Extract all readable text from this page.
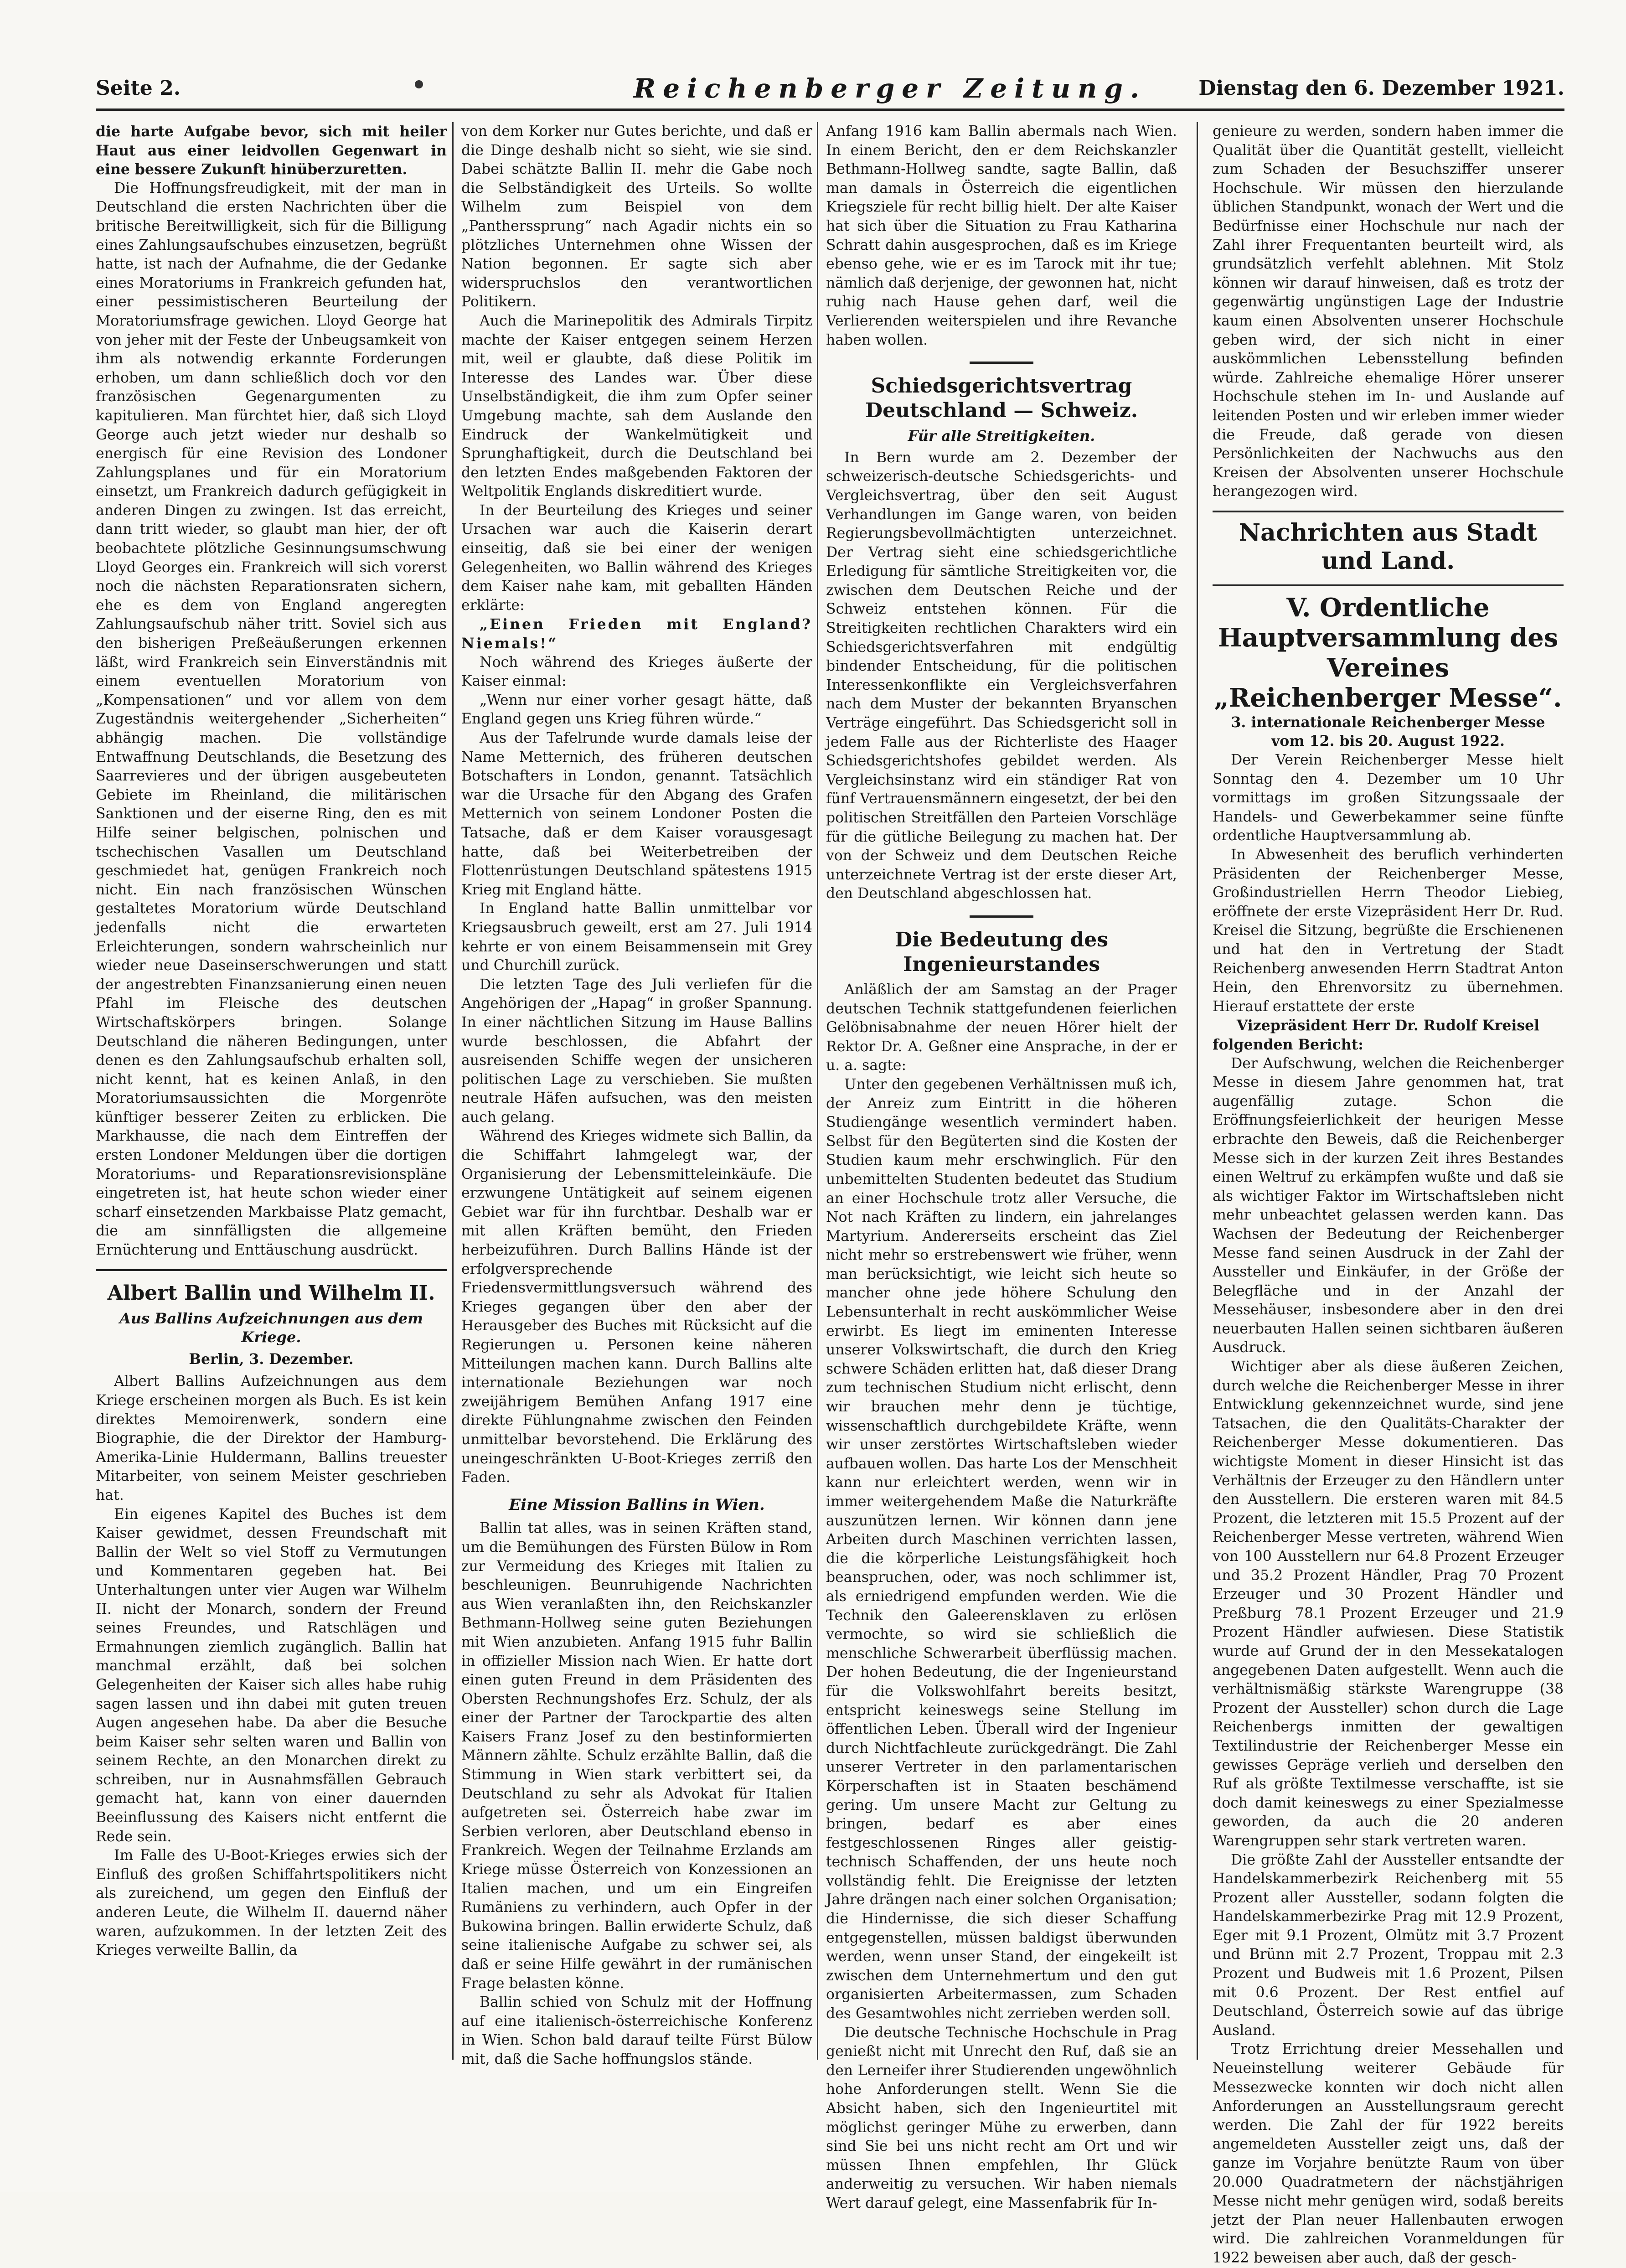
Seite 2.	Reichenberger Zeitung.	Dienstag den 6. Dezember 1921.

die harte Aufgabe bevor, sich mit heiler Haut aus einer leidvollen Gegenwart in eine bessere Zukunft hinüberzuretten.

Die Hoffnungsfreudigkeit, mit der man in Deutschland die ersten Nachrichten über die britische Bereitwilligkeit, sich für die Billigung eines Zahlungsaufschubes einzusetzen, begrüßt hatte, ist nach der Aufnahme, die der Gedanke eines Moratoriums in Frankreich gefunden hat, einer pessimistischeren Beurteilung der Moratoriumsfrage gewichen. Lloyd George hat von jeher mit der Feste der Unbeugsamkeit von ihm als notwendig erkannte Forderungen erhoben, um dann schließlich doch vor den französischen Gegenargumenten zu kapitulieren. Man fürchtet hier, daß sich Lloyd George auch jetzt wieder nur deshalb so energisch für eine Revision des Londoner Zahlungsplanes und für ein Moratorium einsetzt, um Frankreich dadurch gefügigkeit in anderen Dingen zu zwingen. Ist das erreicht, dann tritt wieder, so glaubt man hier, der oft beobachtete plötzliche Gesinnungsumschwung Lloyd Georges ein. Frankreich will sich vorerst noch die nächsten Reparationsraten sichern, ehe es dem von England angeregten Zahlungsaufschub näher tritt. Soviel sich aus den bisherigen Preßeäußerungen erkennen läßt, wird Frankreich sein Einverständnis mit einem eventuellen Moratorium von „Kompensationen“ und vor allem von dem Zugeständnis weitergehender „Sicherheiten“ abhängig machen. Die vollständige Entwaffnung Deutschlands, die Besetzung des Saarrevieres und der übrigen ausgebeuteten Gebiete im Rheinland, die militärischen Sanktionen und der eiserne Ring, den es mit Hilfe seiner belgischen, polnischen und tschechischen Vasallen um Deutschland geschmiedet hat, genügen Frankreich noch nicht. Ein nach französischen Wünschen gestaltetes Moratorium würde Deutschland jedenfalls nicht die erwarteten Erleichterungen, sondern wahrscheinlich nur wieder neue Daseinserschwerungen und statt der angestrebten Finanzsanierung einen neuen Pfahl im Fleische des deutschen Wirtschaftskörpers bringen. Solange Deutschland die näheren Bedingungen, unter denen es den Zahlungsaufschub erhalten soll, nicht kennt, hat es keinen Anlaß, in den Moratoriumsaussichten die Morgenröte künftiger besserer Zeiten zu erblicken. Die Markhausse, die nach dem Eintreffen der ersten Londoner Meldungen über die dortigen Moratoriums- und Reparationsrevisionspläne eingetreten ist, hat heute schon wieder einer scharf einsetzenden Markbaisse Platz gemacht, die am sinnfälligsten die allgemeine Ernüchterung und Enttäuschung ausdrückt.

Albert Ballin und Wilhelm II.
Aus Ballins Aufzeichnungen aus dem Kriege.
Berlin, 3. Dezember.

Albert Ballins Aufzeichnungen aus dem Kriege erscheinen morgen als Buch. Es ist kein direktes Memoirenwerk, sondern eine Biographie, die der Direktor der Hamburg-Amerika-Linie Huldermann, Ballins treuester Mitarbeiter, von seinem Meister geschrieben hat.

Ein eigenes Kapitel des Buches ist dem Kaiser gewidmet, dessen Freundschaft mit Ballin der Welt so viel Stoff zu Vermutungen und Kommentaren gegeben hat. Bei Unterhaltungen unter vier Augen war Wilhelm II. nicht der Monarch, sondern der Freund seines Freundes, und Ratschlägen und Ermahnungen ziemlich zugänglich. Ballin hat manchmal erzählt, daß bei solchen Gelegenheiten der Kaiser sich alles habe ruhig sagen lassen und ihn dabei mit guten treuen Augen angesehen habe. Da aber die Besuche beim Kaiser sehr selten waren und Ballin von seinem Rechte, an den Monarchen direkt zu schreiben, nur in Ausnahmsfällen Gebrauch gemacht hat, kann von einer dauernden Beeinflussung des Kaisers nicht entfernt die Rede sein.

Im Falle des U-Boot-Krieges erwies sich der Einfluß des großen Schiffahrtspolitikers nicht als zureichend, um gegen den Einfluß der anderen Leute, die Wilhelm II. dauernd näher waren, aufzukommen. In der letzten Zeit des Krieges verweilte Ballin, da

von dem Korker nur Gutes berichte, und daß er die Dinge deshalb nicht so sieht, wie sie sind. Dabei schätzte Ballin II. mehr die Gabe noch die Selbständigkeit des Urteils. So wollte Wilhelm zum Beispiel von dem „Pantherssprung“ nach Agadir nichts ein so plötzliches Unternehmen ohne Wissen der Nation begonnen. Er sagte sich aber widerspruchslos den verantwortlichen Politikern.

Auch die Marinepolitik des Admirals Tirpitz machte der Kaiser entgegen seinem Herzen mit, weil er glaubte, daß diese Politik im Interesse des Landes war. Über diese Unselbständigkeit, die ihm zum Opfer seiner Umgebung machte, sah dem Auslande den Eindruck der Wankelmütigkeit und Sprunghaftigkeit, durch die Deutschland bei den letzten Endes maßgebenden Faktoren der Weltpolitik Englands diskreditiert wurde.

In der Beurteilung des Krieges und seiner Ursachen war auch die Kaiserin derart einseitig, daß sie bei einer der wenigen Gelegenheiten, wo Ballin während des Krieges dem Kaiser nahe kam, mit geballten Händen erklärte:

„Einen Frieden mit England? Niemals!“

Noch während des Krieges äußerte der Kaiser einmal:

„Wenn nur einer vorher gesagt hätte, daß England gegen uns Krieg führen würde.“

Aus der Tafelrunde wurde damals leise der Name Metternich, des früheren deutschen Botschafters in London, genannt. Tatsächlich war die Ursache für den Abgang des Grafen Metternich von seinem Londoner Posten die Tatsache, daß er dem Kaiser vorausgesagt hatte, daß bei Weiterbetreiben der Flottenrüstungen Deutschland spätestens 1915 Krieg mit England hätte.

In England hatte Ballin unmittelbar vor Kriegsausbruch geweilt, erst am 27. Juli 1914 kehrte er von einem Beisammensein mit Grey und Churchill zurück.

Die letzten Tage des Juli verliefen für die Angehörigen der „Hapag“ in großer Spannung. In einer nächtlichen Sitzung im Hause Ballins wurde beschlossen, die Abfahrt der ausreisenden Schiffe wegen der unsicheren politischen Lage zu verschieben. Sie mußten neutrale Häfen aufsuchen, was den meisten auch gelang.

Während des Krieges widmete sich Ballin, da die Schiffahrt lahmgelegt war, der Organisierung der Lebensmitteleinkäufe. Die erzwungene Untätigkeit auf seinem eigenen Gebiet war für ihn furchtbar. Deshalb war er mit allen Kräften bemüht, den Frieden herbeizuführen. Durch Ballins Hände ist der erfolgversprechende Friedensvermittlungsversuch während des Krieges gegangen über den aber der Herausgeber des Buches mit Rücksicht auf die Regierungen u. Personen keine näheren Mitteilungen machen kann. Durch Ballins alte internationale Beziehungen war noch zweijährigem Bemühen Anfang 1917 eine direkte Fühlungnahme zwischen den Feinden unmittelbar bevorstehend. Die Erklärung des uneingeschränkten U-Boot-Krieges zerriß den Faden.

Eine Mission Ballins in Wien.

Ballin tat alles, was in seinen Kräften stand, um die Bemühungen des Fürsten Bülow in Rom zur Vermeidung des Krieges mit Italien zu beschleunigen. Beunruhigende Nachrichten aus Wien veranlaßten ihn, den Reichskanzler Bethmann-Hollweg seine guten Beziehungen mit Wien anzubieten. Anfang 1915 fuhr Ballin in offizieller Mission nach Wien. Er hatte dort einen guten Freund in dem Präsidenten des Obersten Rechnungshofes Erz. Schulz, der als einer der Partner der Tarockpartie des alten Kaisers Franz Josef zu den bestinformierten Männern zählte. Schulz erzählte Ballin, daß die Stimmung in Wien stark verbittert sei, da Deutschland zu sehr als Advokat für Italien aufgetreten sei. Österreich habe zwar im Serbien verloren, aber Deutschland ebenso in Frankreich. Wegen der Teilnahme Erzlands am Kriege müsse Österreich von Konzessionen an Italien machen, und um ein Eingreifen Rumäniens zu verhindern, auch Opfer in der Bukowina bringen. Ballin erwiderte Schulz, daß seine italienische Aufgabe zu schwer sei, als daß er seine Hilfe gewährt in der rumänischen Frage belasten könne.

Ballin schied von Schulz mit der Hoffnung auf eine italienisch-österreichische Konferenz in Wien. Schon bald darauf teilte Fürst Bülow mit, daß die Sache hoffnungslos stände.

Anfang 1916 kam Ballin abermals nach Wien. In einem Bericht, den er dem Reichskanzler Bethmann-Hollweg sandte, sagte Ballin, daß man damals in Österreich die eigentlichen Kriegsziele für recht billig hielt. Der alte Kaiser hat sich über die Situation zu Frau Katharina Schratt dahin ausgesprochen, daß es im Kriege ebenso gehe, wie er es im Tarock mit ihr tue; nämlich daß derjenige, der gewonnen hat, nicht ruhig nach Hause gehen darf, weil die Verlierenden weiterspielen und ihre Revanche haben wollen.

Schiedsgerichtsvertrag Deutschland — Schweiz.
Für alle Streitigkeiten.

In Bern wurde am 2. Dezember der schweizerisch-deutsche Schiedsgerichts- und Vergleichsvertrag, über den seit August Verhandlungen im Gange waren, von beiden Regierungsbevollmächtigten unterzeichnet. Der Vertrag sieht eine schiedsgerichtliche Erledigung für sämtliche Streitigkeiten vor, die zwischen dem Deutschen Reiche und der Schweiz entstehen können. Für die Streitigkeiten rechtlichen Charakters wird ein Schiedsgerichtsverfahren mit endgültig bindender Entscheidung, für die politischen Interessenkonflikte ein Vergleichsverfahren nach dem Muster der bekannten Bryanschen Verträge eingeführt. Das Schiedsgericht soll in jedem Falle aus der Richterliste des Haager Schiedsgerichtshofes gebildet werden. Als Vergleichsinstanz wird ein ständiger Rat von fünf Vertrauensmännern eingesetzt, der bei den politischen Streitfällen den Parteien Vorschläge für die gütliche Beilegung zu machen hat. Der von der Schweiz und dem Deutschen Reiche unterzeichnete Vertrag ist der erste dieser Art, den Deutschland abgeschlossen hat.

Die Bedeutung des Ingenieurstandes

Anläßlich der am Samstag an der Prager deutschen Technik stattgefundenen feierlichen Gelöbnisabnahme der neuen Hörer hielt der Rektor Dr. A. Geßner eine Ansprache, in der er u. a. sagte:

Unter den gegebenen Verhältnissen muß ich, der Anreiz zum Eintritt in die höheren Studiengänge wesentlich vermindert haben. Selbst für den Begüterten sind die Kosten der Studien kaum mehr erschwinglich. Für den unbemittelten Studenten bedeutet das Studium an einer Hochschule trotz aller Versuche, die Not nach Kräften zu lindern, ein jahrelanges Martyrium. Andererseits erscheint das Ziel nicht mehr so erstrebenswert wie früher, wenn man berücksichtigt, wie leicht sich heute so mancher ohne jede höhere Schulung den Lebensunterhalt in recht auskömmlicher Weise erwirbt. Es liegt im eminenten Interesse unserer Volkswirtschaft, die durch den Krieg schwere Schäden erlitten hat, daß dieser Drang zum technischen Studium nicht erlischt, denn wir brauchen mehr denn je tüchtige, wissenschaftlich durchgebildete Kräfte, wenn wir unser zerstörtes Wirtschaftsleben wieder aufbauen wollen. Das harte Los der Menschheit kann nur erleichtert werden, wenn wir in immer weitergehendem Maße die Naturkräfte auszunützen lernen. Wir können dann jene Arbeiten durch Maschinen verrichten lassen, die die körperliche Leistungsfähigkeit hoch beanspruchen, oder, was noch schlimmer ist, als erniedrigend empfunden werden. Wie die Technik den Galeerensklaven zu erlösen vermochte, so wird sie schließlich die menschliche Schwerarbeit überflüssig machen. Der hohen Bedeutung, die der Ingenieurstand für die Volkswohlfahrt bereits besitzt, entspricht keineswegs seine Stellung im öffentlichen Leben. Überall wird der Ingenieur durch Nichtfachleute zurückgedrängt. Die Zahl unserer Vertreter in den parlamentarischen Körperschaften ist in Staaten beschämend gering. Um unsere Macht zur Geltung zu bringen, bedarf es aber eines festgeschlossenen Ringes aller geistig-technisch Schaffenden, der uns heute noch vollständig fehlt. Die Ereignisse der letzten Jahre drängen nach einer solchen Organisation; die Hindernisse, die sich dieser Schaffung entgegenstellen, müssen baldigst überwunden werden, wenn unser Stand, der eingekeilt ist zwischen dem Unternehmertum und den gut organisierten Arbeitermassen, zum Schaden des Gesamtwohles nicht zerrieben werden soll.

Die deutsche Technische Hochschule in Prag genießt nicht mit Unrecht den Ruf, daß sie an den Lerneifer ihrer Studierenden ungewöhnlich hohe Anforderungen stellt. Wenn Sie die Absicht haben, sich den Ingenieurtitel mit möglichst geringer Mühe zu erwerben, dann sind Sie bei uns nicht recht am Ort und wir müssen Ihnen empfehlen, Ihr Glück anderweitig zu versuchen. Wir haben niemals Wert darauf gelegt, eine Massenfabrik für In-

genieure zu werden, sondern haben immer die Qualität über die Quantität gestellt, vielleicht zum Schaden der Besuchsziffer unserer Hochschule. Wir müssen den hierzulande üblichen Standpunkt, wonach der Wert und die Bedürfnisse einer Hochschule nur nach der Zahl ihrer Frequentanten beurteilt wird, als grundsätzlich verfehlt ablehnen. Mit Stolz können wir darauf hinweisen, daß es trotz der gegenwärtig ungünstigen Lage der Industrie kaum einen Absolventen unserer Hochschule geben wird, der sich nicht in einer auskömmlichen Lebensstellung befinden würde. Zahlreiche ehemalige Hörer unserer Hochschule stehen im In- und Auslande auf leitenden Posten und wir erleben immer wieder die Freude, daß gerade von diesen Persönlichkeiten der Nachwuchs aus den Kreisen der Absolventen unserer Hochschule herangezogen wird.

Nachrichten aus Stadt und Land.
V. Ordentliche Hauptversammlung des Vereines „Reichenberger Messe“.
3. internationale Reichenberger Messe vom 12. bis 20. August 1922.

Der Verein Reichenberger Messe hielt Sonntag den 4. Dezember um 10 Uhr vormittags im großen Sitzungssaale der Handels- und Gewerbekammer seine fünfte ordentliche Hauptversammlung ab.

In Abwesenheit des beruflich verhinderten Präsidenten der Reichenberger Messe, Großindustriellen Herrn Theodor Liebieg, eröffnete der erste Vizepräsident Herr Dr. Rud. Kreisel die Sitzung, begrüßte die Erschienenen und hat den in Vertretung der Stadt Reichenberg anwesenden Herrn Stadtrat Anton Hein, den Ehrenvorsitz zu übernehmen. Hierauf erstattete der erste

Vizepräsident Herr Dr. Rudolf Kreisel

folgenden Bericht:

Der Aufschwung, welchen die Reichenberger Messe in diesem Jahre genommen hat, trat augenfällig zutage. Schon die Eröffnungsfeierlichkeit der heurigen Messe erbrachte den Beweis, daß die Reichenberger Messe sich in der kurzen Zeit ihres Bestandes einen Weltruf zu erkämpfen wußte und daß sie als wichtiger Faktor im Wirtschaftsleben nicht mehr unbeachtet gelassen werden kann. Das Wachsen der Bedeutung der Reichenberger Messe fand seinen Ausdruck in der Zahl der Aussteller und Einkäufer, in der Größe der Belegfläche und in der Anzahl der Messehäuser, insbesondere aber in den drei neuerbauten Hallen seinen sichtbaren äußeren Ausdruck.

Wichtiger aber als diese äußeren Zeichen, durch welche die Reichenberger Messe in ihrer Entwicklung gekennzeichnet wurde, sind jene Tatsachen, die den Qualitäts-Charakter der Reichenberger Messe dokumentieren. Das wichtigste Moment in dieser Hinsicht ist das Verhältnis der Erzeuger zu den Händlern unter den Ausstellern. Die ersteren waren mit 84.5 Prozent, die letzteren mit 15.5 Prozent auf der Reichenberger Messe vertreten, während Wien von 100 Ausstellern nur 64.8 Prozent Erzeuger und 35.2 Prozent Händler, Prag 70 Prozent Erzeuger und 30 Prozent Händler und Preßburg 78.1 Prozent Erzeuger und 21.9 Prozent Händler aufwiesen. Diese Statistik wurde auf Grund der in den Messekatalogen angegebenen Daten aufgestellt. Wenn auch die verhältnismäßig stärkste Warengruppe (38 Prozent der Aussteller) schon durch die Lage Reichenbergs inmitten der gewaltigen Textilindustrie der Reichenberger Messe ein gewisses Gepräge verlieh und derselben den Ruf als größte Textilmesse verschaffte, ist sie doch damit keineswegs zu einer Spezialmesse geworden, da auch die 20 anderen Warengruppen sehr stark vertreten waren.

Die größte Zahl der Aussteller entsandte der Handelskammerbezirk Reichenberg mit 55 Prozent aller Aussteller, sodann folgten die Handelskammerbezirke Prag mit 12.9 Prozent, Eger mit 9.1 Prozent, Olmütz mit 3.7 Prozent und Brünn mit 2.7 Prozent, Troppau mit 2.3 Prozent und Budweis mit 1.6 Prozent, Pilsen mit 0.6 Prozent. Der Rest entfiel auf Deutschland, Österreich sowie auf das übrige Ausland.

Trotz Errichtung dreier Messehallen und Neueinstellung weiterer Gebäude für Messezwecke konnten wir doch nicht allen Anforderungen an Ausstellungsraum gerecht werden. Die Zahl der für 1922 bereits angemeldeten Aussteller zeigt uns, daß der ganze im Vorjahre benützte Raum von über 20.000 Quadratmetern der nächstjährigen Messe nicht mehr genügen wird, sodaß bereits jetzt der Plan neuer Hallenbauten erwogen wird. Die zahlreichen Voranmeldungen für 1922 beweisen aber auch, daß der gesch-
